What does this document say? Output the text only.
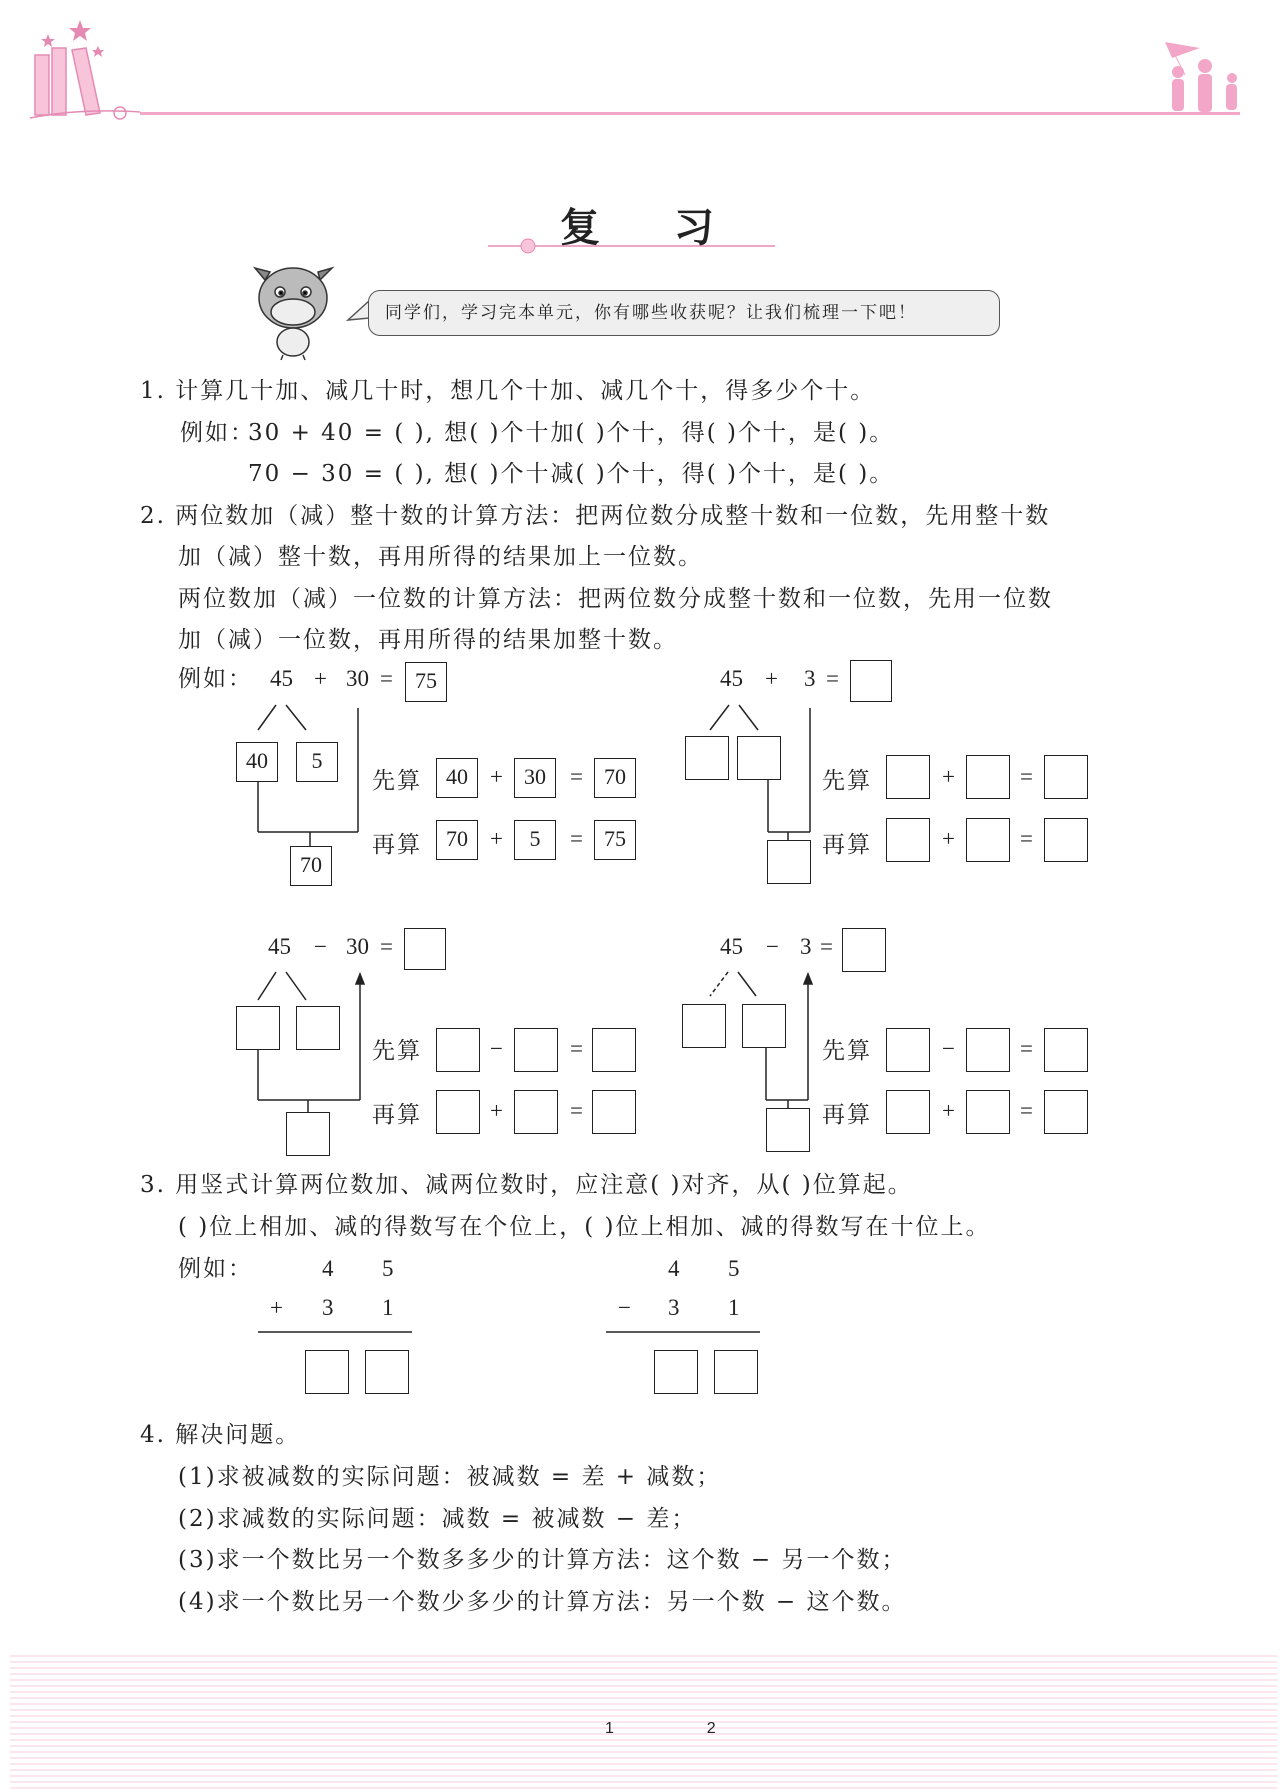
复 习
同学们，学习完本单元，你有哪些收获呢？让我们梳理一下吧！
1. 计算几十加、减几十时，想几个十加、减几个十，得多少个十。
例如：
30 + 40 = ( ), 想( )个十加( )个十，得( )个十，是( )。
70 − 30 = ( ), 想( )个十减( )个十，得( )个十，是( )。
2. 两位数加（减）整十数的计算方法：把两位数分成整十数和一位数，先用整十数
加（减）整十数，再用所得的结果加上一位数。
两位数加（减）一位数的计算方法：把两位数分成整十数和一位数，先用一位数
加（减）一位数，再用所得的结果加整十数。
例如： 45 + 30 =	75
40	5
70
先算	40 + 30	= 70
再算	70 +	5	= 75
45 + 3 =
先算	+	=
再算	+	=
45 − 30 =
先算	−	=
再算	+	=
45 − 3 =
先算	−	=
再算	+	=
3. 用竖式计算两位数加、减两位数时，应注意( )对齐，从( )位算起。
( )位上相加、减的得数写在个位上，( )位上相加、减的得数写在十位上。
例如：	4 5
+ 3 1
4 5
− 3 1
4. 解决问题。
(1)求被减数的实际问题：被减数 = 差 + 减数；
(2)求减数的实际问题：减数 = 被减数 − 差；
(3)求一个数比另一个数多多少的计算方法：这个数 − 另一个数；
(4)求一个数比另一个数少多少的计算方法：另一个数 − 这个数。
1  2
